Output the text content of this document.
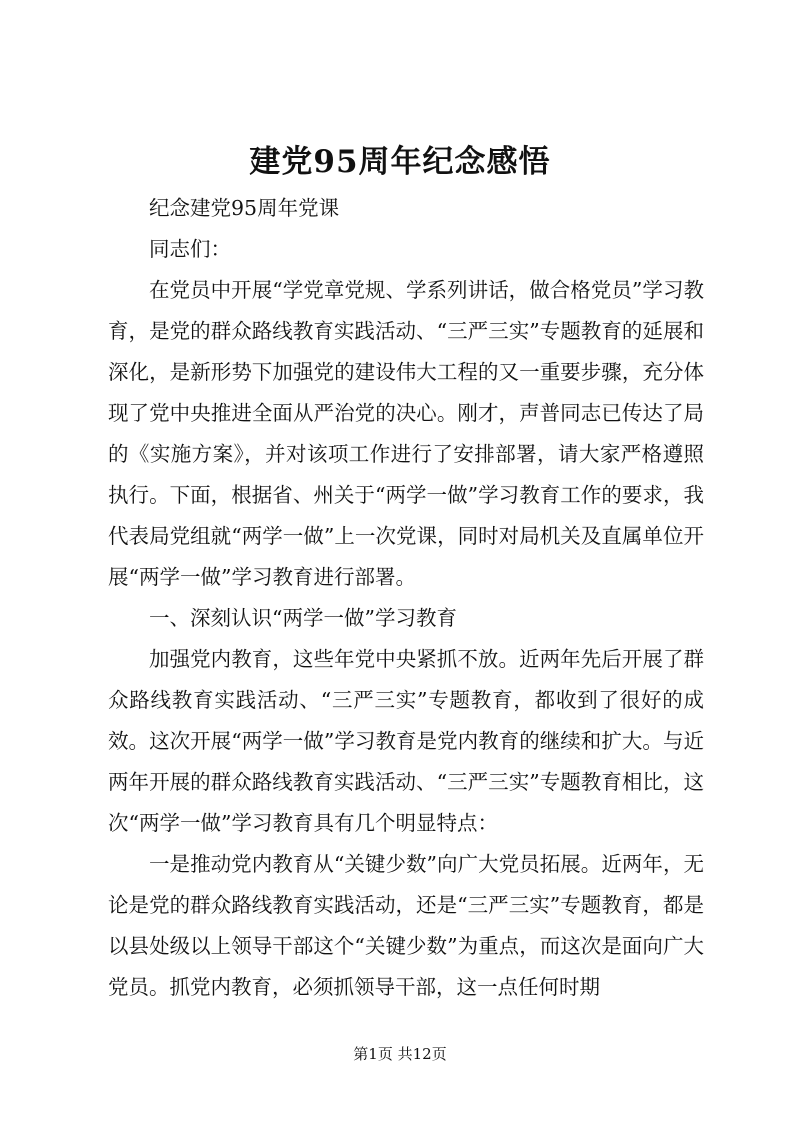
建党95周年纪念感悟

纪念建党95周年党课

同志们：

在党员中开展“学党章党规、学系列讲话，做合格党员”学习教育，是党的群众路线教育实践活动、“三严三实”专题教育的延展和深化，是新形势下加强党的建设伟大工程的又一重要步骤，充分体现了党中央推进全面从严治党的决心。刚才，声普同志已传达了局的《实施方案》，并对该项工作进行了安排部署，请大家严格遵照执行。下面，根据省、州关于“两学一做”学习教育工作的要求，我代表局党组就“两学一做”上一次党课，同时对局机关及直属单位开展“两学一做”学习教育进行部署。

一、深刻认识“两学一做”学习教育

加强党内教育，这些年党中央紧抓不放。近两年先后开展了群众路线教育实践活动、“三严三实”专题教育，都收到了很好的成效。这次开展“两学一做”学习教育是党内教育的继续和扩大。与近两年开展的群众路线教育实践活动、“三严三实”专题教育相比，这次“两学一做”学习教育具有几个明显特点：

一是推动党内教育从“关键少数”向广大党员拓展。近两年，无论是党的群众路线教育实践活动，还是“三严三实”专题教育，都是以县处级以上领导干部这个“关键少数”为重点，而这次是面向广大党员。抓党内教育，必须抓领导干部，这一点任何时期

第1页 共12页
